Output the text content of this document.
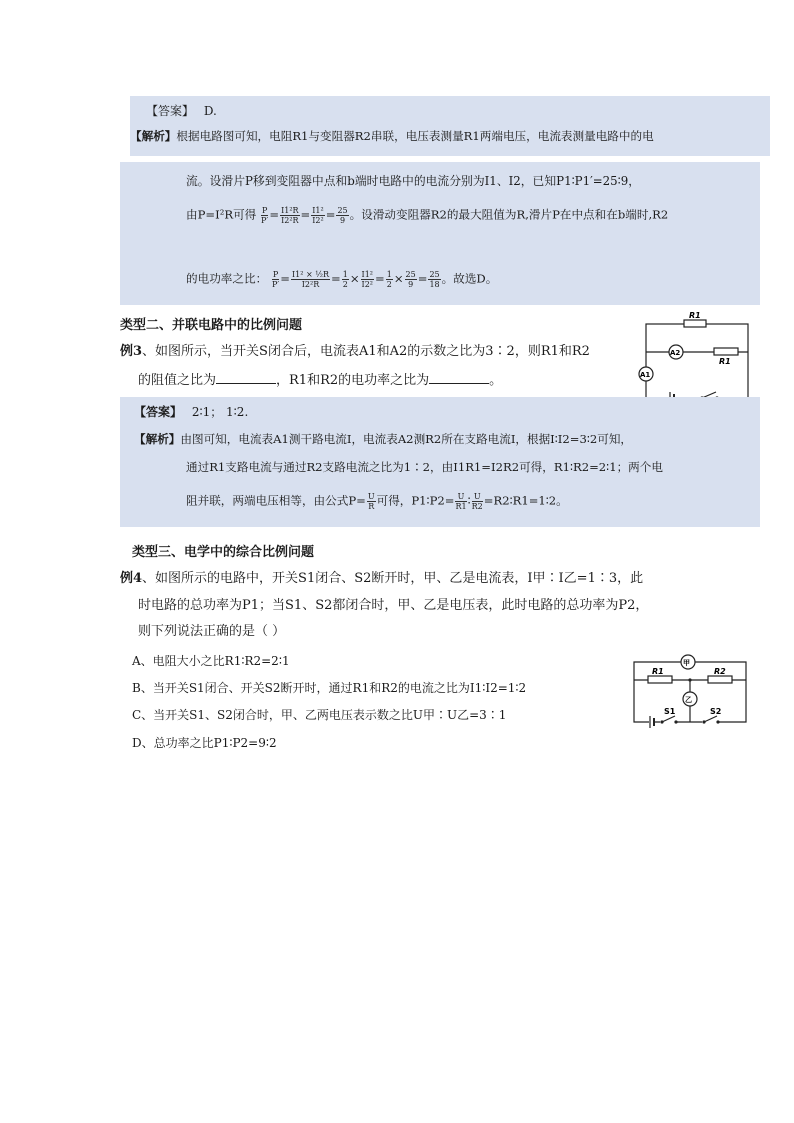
【答案】 D.
【解析】根据电路图可知，电阻R1与变阻器R2串联，电压表测量R1两端电压，电流表测量电路中的电
流。设滑片P移到变阻器中点和b端时电路中的电流分别为I1、I2，已知P1∶P1′=25∶9，
由P=I²R可得 $\frac{P}{P'} = \frac{\text{I1²R}}{\text{I2²R}} = \frac{\text{I1²}}{\text{I2²}} = \frac{25}{9}$ 。设滑动变阻器R2的最大阻值为R,滑片P在中点和在b端时,R2
的电功率之比： $\frac{P}{P'} = \frac{\text{I1² × ½R}}{\text{I2²R}} = \frac{1}{2} \times \frac{\text{I1²}}{\text{I2²}} = \frac{1}{2} \times \frac{25}{9} = \frac{25}{18}$ 。故选D。
类型二、并联电路中的比例问题
例3、如图所示，当开关S闭合后，电流表A1和A2的示数之比为3∶2，则R1和R2
的阻值之比为	，R1和R2的电功率之比为	。
R1
R1
A2
A1
【答案】 2∶1； 1∶2.
【解析】由图可知，电流表A1测干路电流I，电流表A2测R2所在支路电流I，根据I∶I2=3∶2可知，
通过R1支路电流与通过R2支路电流之比为1∶2，由I1R1=I2R2可得，R1∶R2=2∶1；两个电
阻并联，两端电压相等，由公式$P= \frac{U}{R}$ 可得，P1∶P2= $\frac{U}{R1}$ ∶ $\frac{U}{R2}$ =R2∶R1=1∶2。
类型三、电学中的综合比例问题
例4、如图所示的电路中，开关S1闭合、S2断开时，甲、乙是电流表，I甲∶I乙=1∶3，此
时电路的总功率为P1；当S1、S2都闭合时，甲、乙是电压表，此时电路的总功率为P2，
则下列说法正确的是（ ）
A、电阻大小之比R1∶R2=2∶1
B、当开关S1闭合、开关S2断开时，通过R1和R2的电流之比为I1∶I2=1∶2
C、当开关S1、S2闭合时，甲、乙两电压表示数之比U甲∶U乙=3∶1
D、总功率之比P1∶P2=9∶2
甲
乙
R1	R2
S1	S2
